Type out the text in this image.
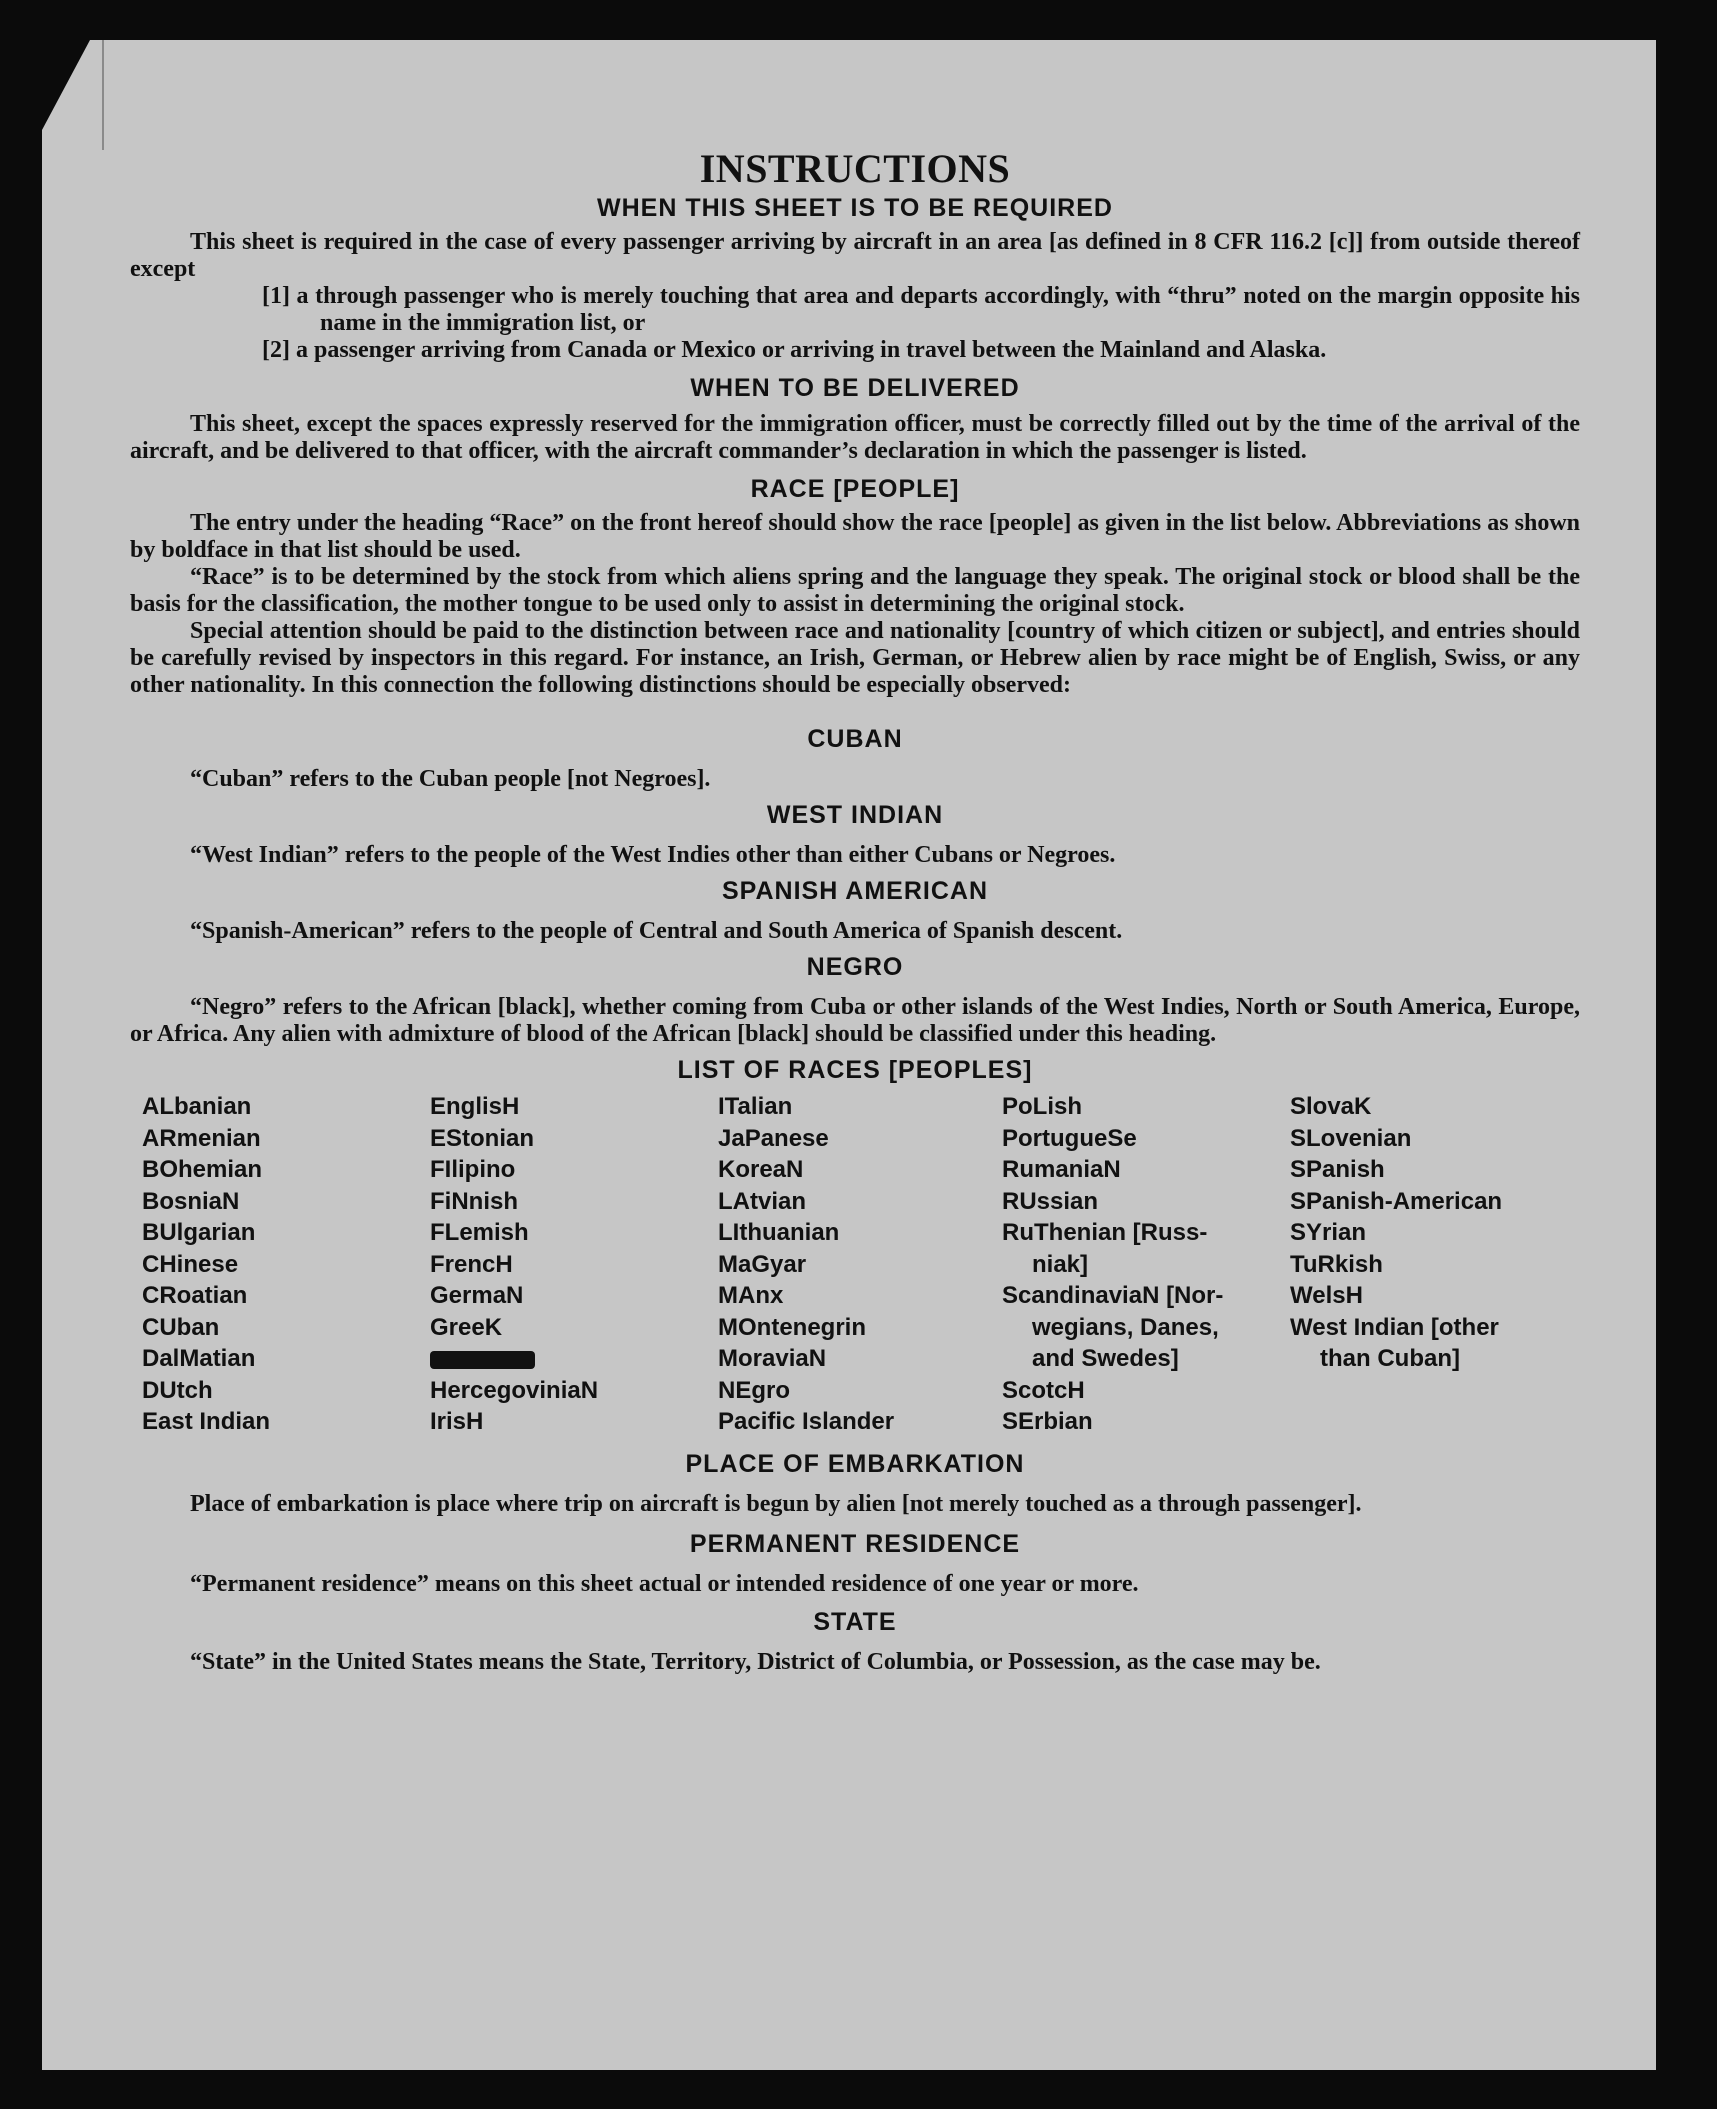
INSTRUCTIONS
WHEN THIS SHEET IS TO BE REQUIRED

This sheet is required in the case of every passenger arriving by aircraft in an area [as defined in 8 CFR 116.2 [c]] from outside thereof except

[1] a through passenger who is merely touching that area and departs accordingly, with “thru” noted on the margin opposite his name in the immigration list, or

[2] a passenger arriving from Canada or Mexico or arriving in travel between the Mainland and Alaska.

WHEN TO BE DELIVERED

This sheet, except the spaces expressly reserved for the immigration officer, must be correctly filled out by the time of the arrival of the aircraft, and be delivered to that officer, with the aircraft commander’s declaration in which the passenger is listed.

RACE [PEOPLE]

The entry under the heading “Race” on the front hereof should show the race [people] as given in the list below. Abbreviations as shown by boldface in that list should be used.

“Race” is to be determined by the stock from which aliens spring and the language they speak. The original stock or blood shall be the basis for the classification, the mother tongue to be used only to assist in determining the original stock.

Special attention should be paid to the distinction between race and nationality [country of which citizen or subject], and entries should be carefully revised by inspectors in this regard. For instance, an Irish, German, or Hebrew alien by race might be of English, Swiss, or any other nationality. In this connection the following distinctions should be especially observed:

CUBAN

“Cuban” refers to the Cuban people [not Negroes].

WEST INDIAN

“West Indian” refers to the people of the West Indies other than either Cubans or Negroes.

SPANISH AMERICAN

“Spanish-American” refers to the people of Central and South America of Spanish descent.

NEGRO

“Negro” refers to the African [black], whether coming from Cuba or other islands of the West Indies, North or South America, Europe, or Africa. Any alien with admixture of blood of the African [black] should be classified under this heading.

LIST OF RACES [PEOPLES]
ALbanian
ARmenian
BOhemian
BosniaN
BUlgarian
CHinese
CRoatian
CUban
DalMatian
DUtch
East Indian
EnglisH
EStonian
FIlipino
FiNnish
FLemish
FrencH
GermaN
GreeK
HercegoviniaN
IrisH
ITalian
JaPanese
KoreaN
LAtvian
LIthuanian
MaGyar
MAnx
MOntenegrin
MoraviaN
NEgro
Pacific Islander
PoLish
PortugueSe
RumaniaN
RUssian
RuThenian [Russ-
niak]
ScandinaviaN [Nor-
wegians, Danes,
and Swedes]
ScotcH
SErbian
SlovaK
SLovenian
SPanish
SPanish-American
SYrian
TuRkish
WelsH
West Indian [other
than Cuban]
PLACE OF EMBARKATION

Place of embarkation is place where trip on aircraft is begun by alien [not merely touched as a through passenger].

PERMANENT RESIDENCE

“Permanent residence” means on this sheet actual or intended residence of one year or more.

STATE

“State” in the United States means the State, Territory, District of Columbia, or Possession, as the case may be.
